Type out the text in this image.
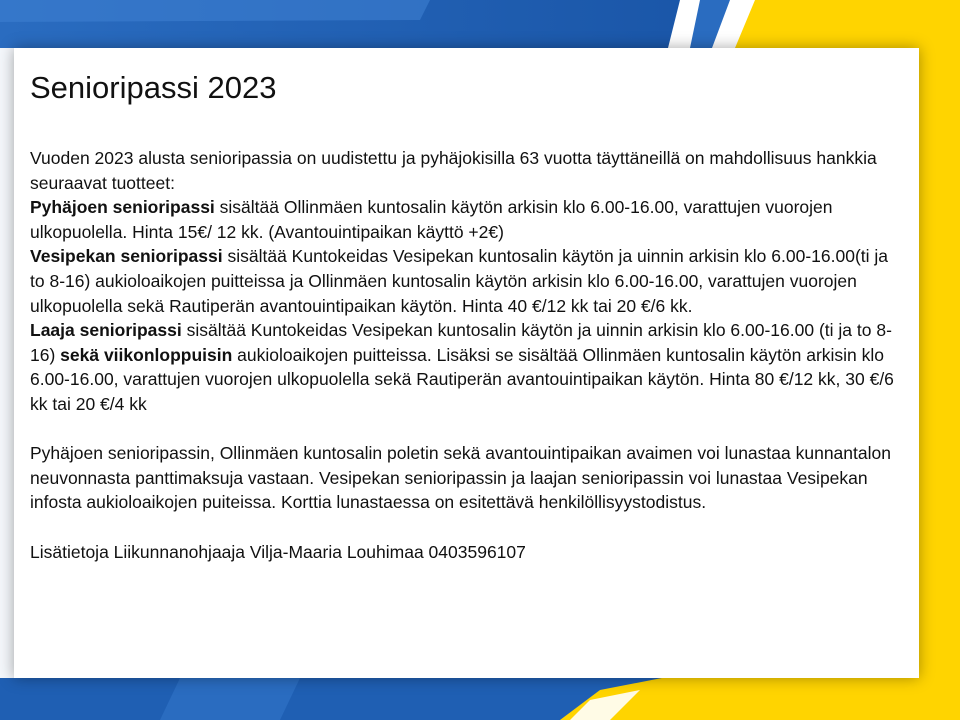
Senioripassi 2023

Vuoden 2023 alusta senioripassia on uudistettu ja pyhäjokisilla 63 vuotta täyttäneillä on mahdollisuus hankkia seuraavat tuotteet:

Pyhäjoen senioripassi sisältää Ollinmäen kuntosalin käytön arkisin klo 6.00-16.00, varattujen vuorojen ulkopuolella. Hinta 15€/ 12 kk. (Avantouintipaikan käyttö +2€)

Vesipekan senioripassi sisältää Kuntokeidas Vesipekan kuntosalin käytön ja uinnin arkisin klo 6.00-16.00(ti ja to 8-16) aukioloaikojen puitteissa ja Ollinmäen kuntosalin käytön arkisin klo 6.00-16.00, varattujen vuorojen ulkopuolella sekä Rautiperän avantouintipaikan käytön. Hinta 40 €/12 kk tai 20 €/6 kk.

Laaja senioripassi sisältää Kuntokeidas Vesipekan kuntosalin käytön ja uinnin arkisin klo 6.00-16.00 (ti ja to 8-16) sekä viikonloppuisin aukioloaikojen puitteissa. Lisäksi se sisältää Ollinmäen kuntosalin käytön arkisin klo 6.00-16.00, varattujen vuorojen ulkopuolella sekä Rautiperän avantouintipaikan käytön. Hinta 80 €/12 kk, 30 €/6 kk tai 20 €/4 kk

Pyhäjoen senioripassin, Ollinmäen kuntosalin poletin sekä avantouintipaikan avaimen voi lunastaa kunnantalon neuvonnasta panttimaksuja vastaan. Vesipekan senioripassin ja laajan senioripassin voi lunastaa Vesipekan infosta aukioloaikojen puiteissa. Korttia lunastaessa on esitettävä henkilöllisyystodistus.

Lisätietoja Liikunnanohjaaja Vilja-Maaria Louhimaa 0403596107
